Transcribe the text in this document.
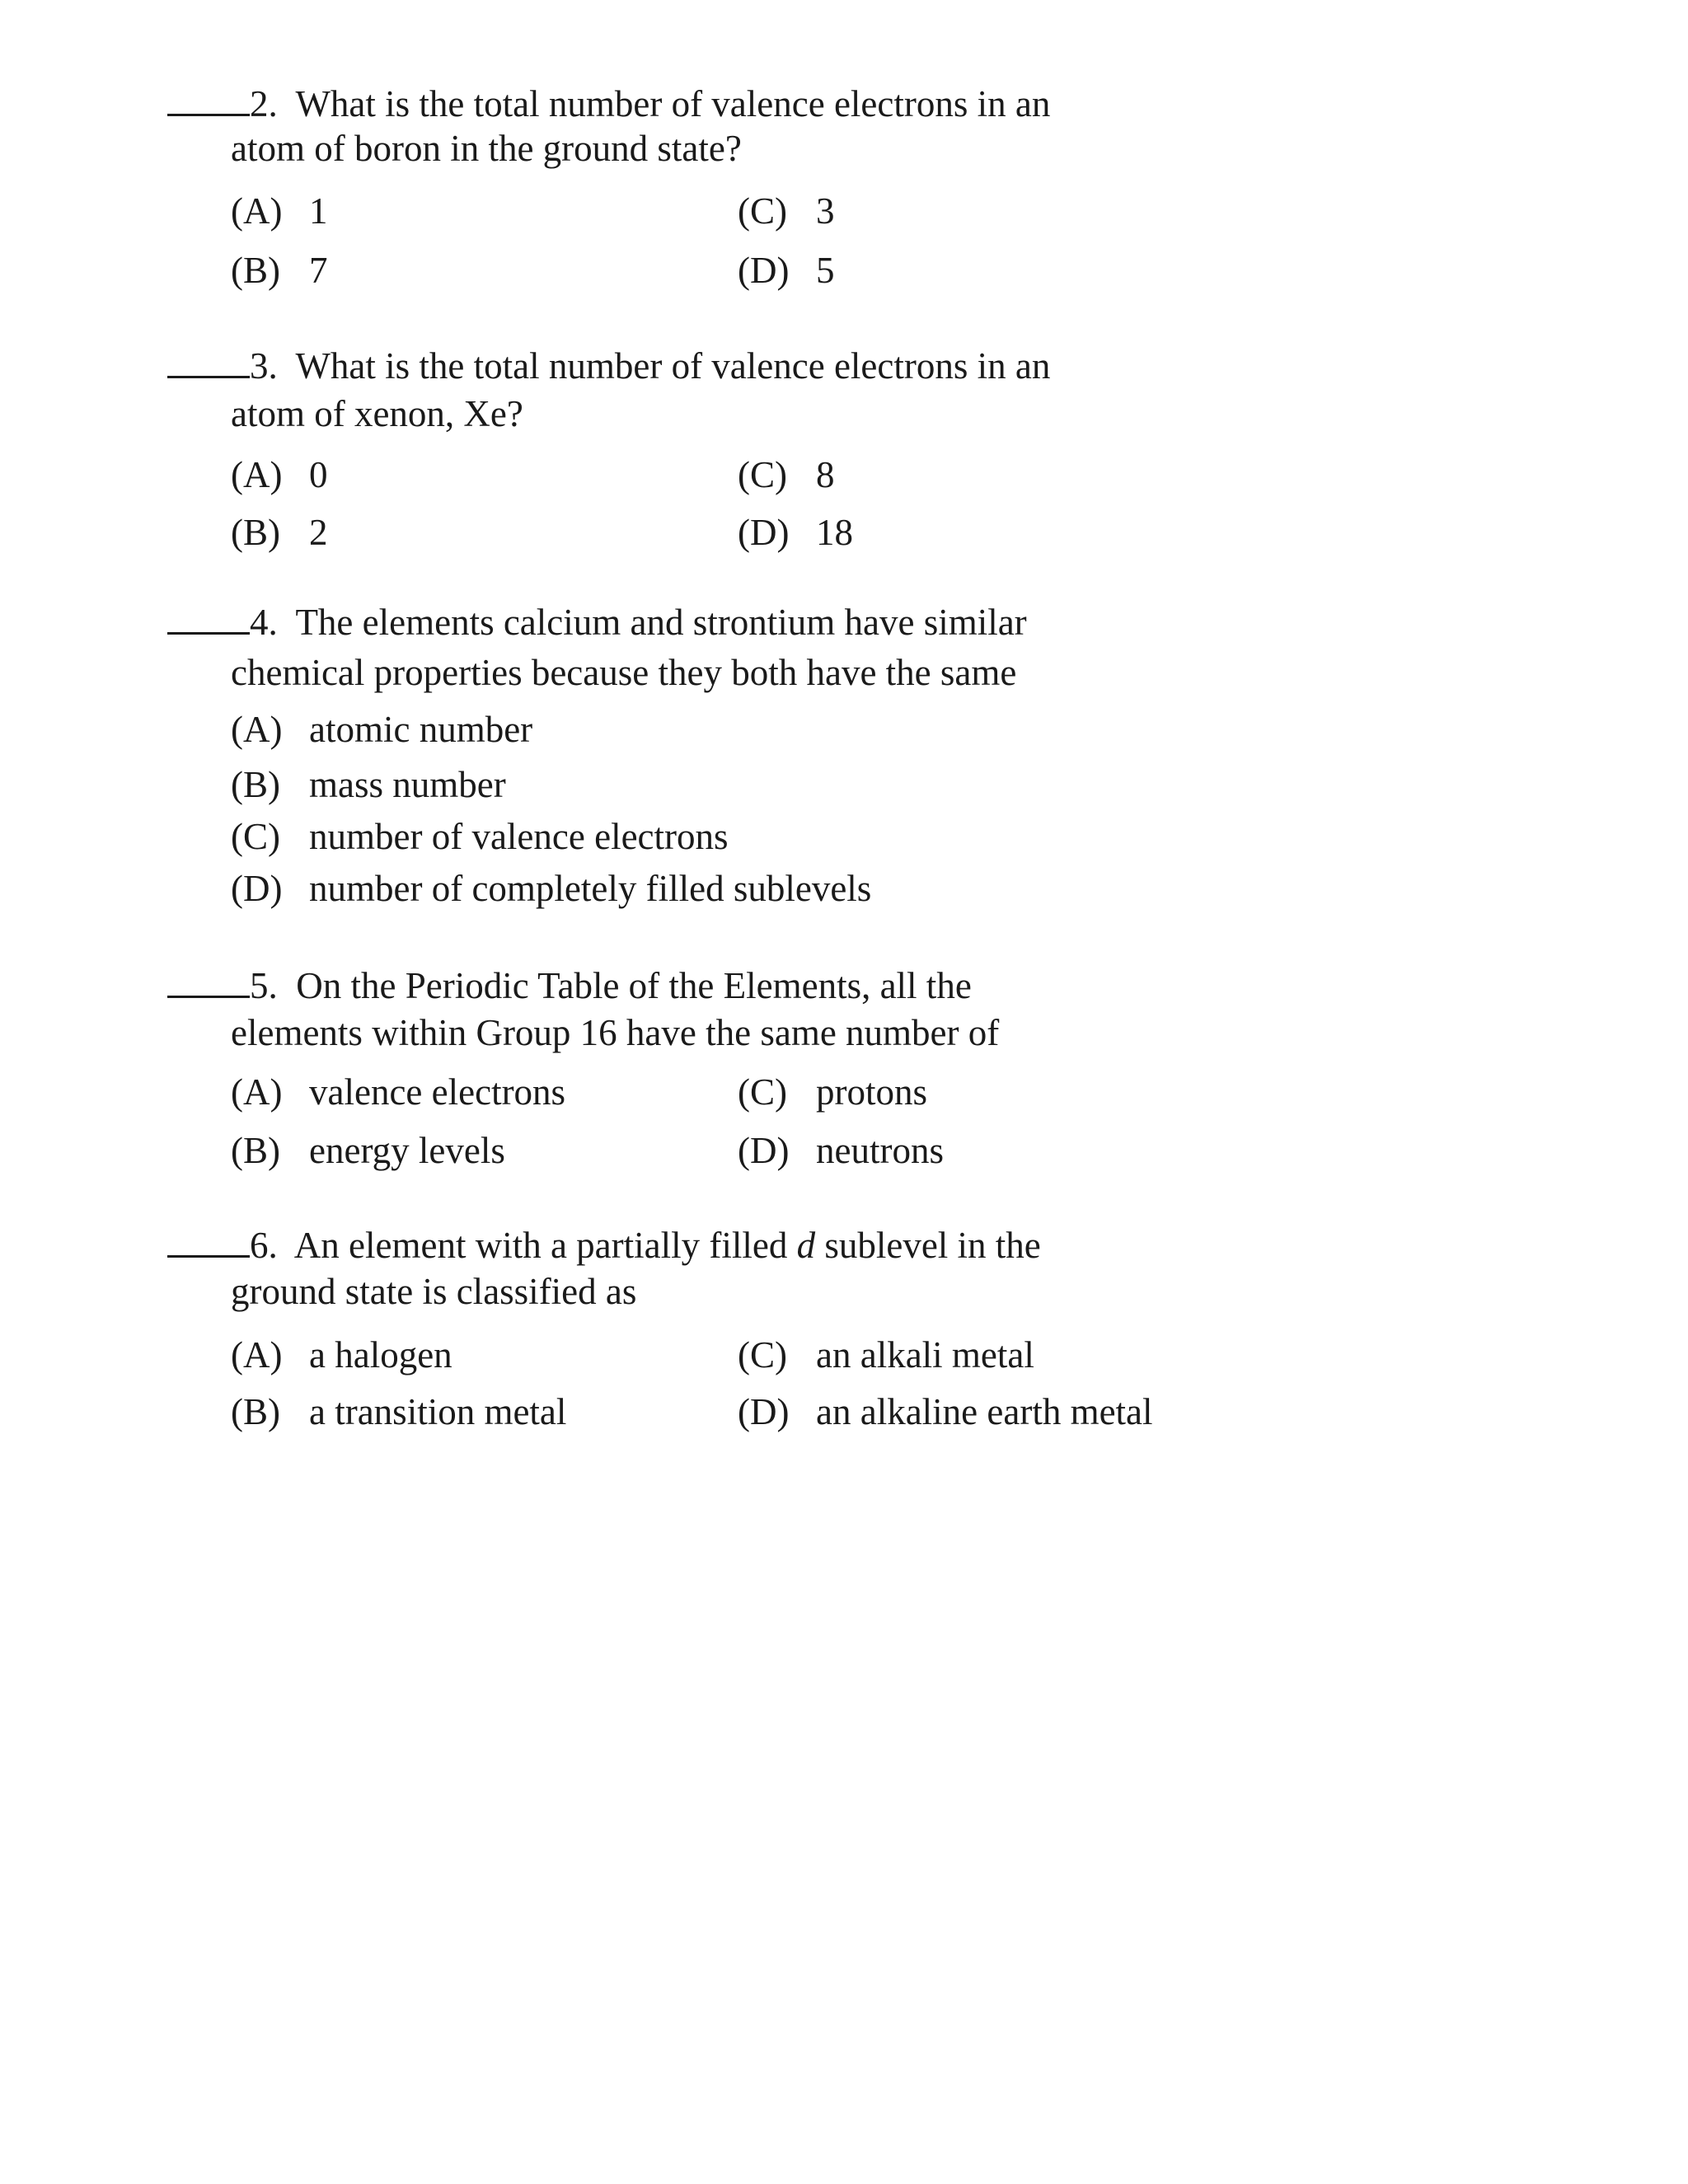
2. What is the total number of valence electrons in an
atom of boron in the ground state?
(A) 1	(C) 3
(B) 7	(D) 5
3. What is the total number of valence electrons in an
atom of xenon, Xe?
(A) 0	(C) 8
(B) 2	(D) 18
4. The elements calcium and strontium have similar
chemical properties because they both have the same
(A) atomic number
(B) mass number
(C) number of valence electrons
(D) number of completely filled sublevels
5. On the Periodic Table of the Elements, all the
elements within Group 16 have the same number of
(A) valence electrons	(C) protons
(B) energy levels	(D) neutrons
6. An element with a partially filled d sublevel in the
ground state is classified as
(A) a halogen	(C) an alkali metal
(B) a transition metal	(D) an alkaline earth metal
